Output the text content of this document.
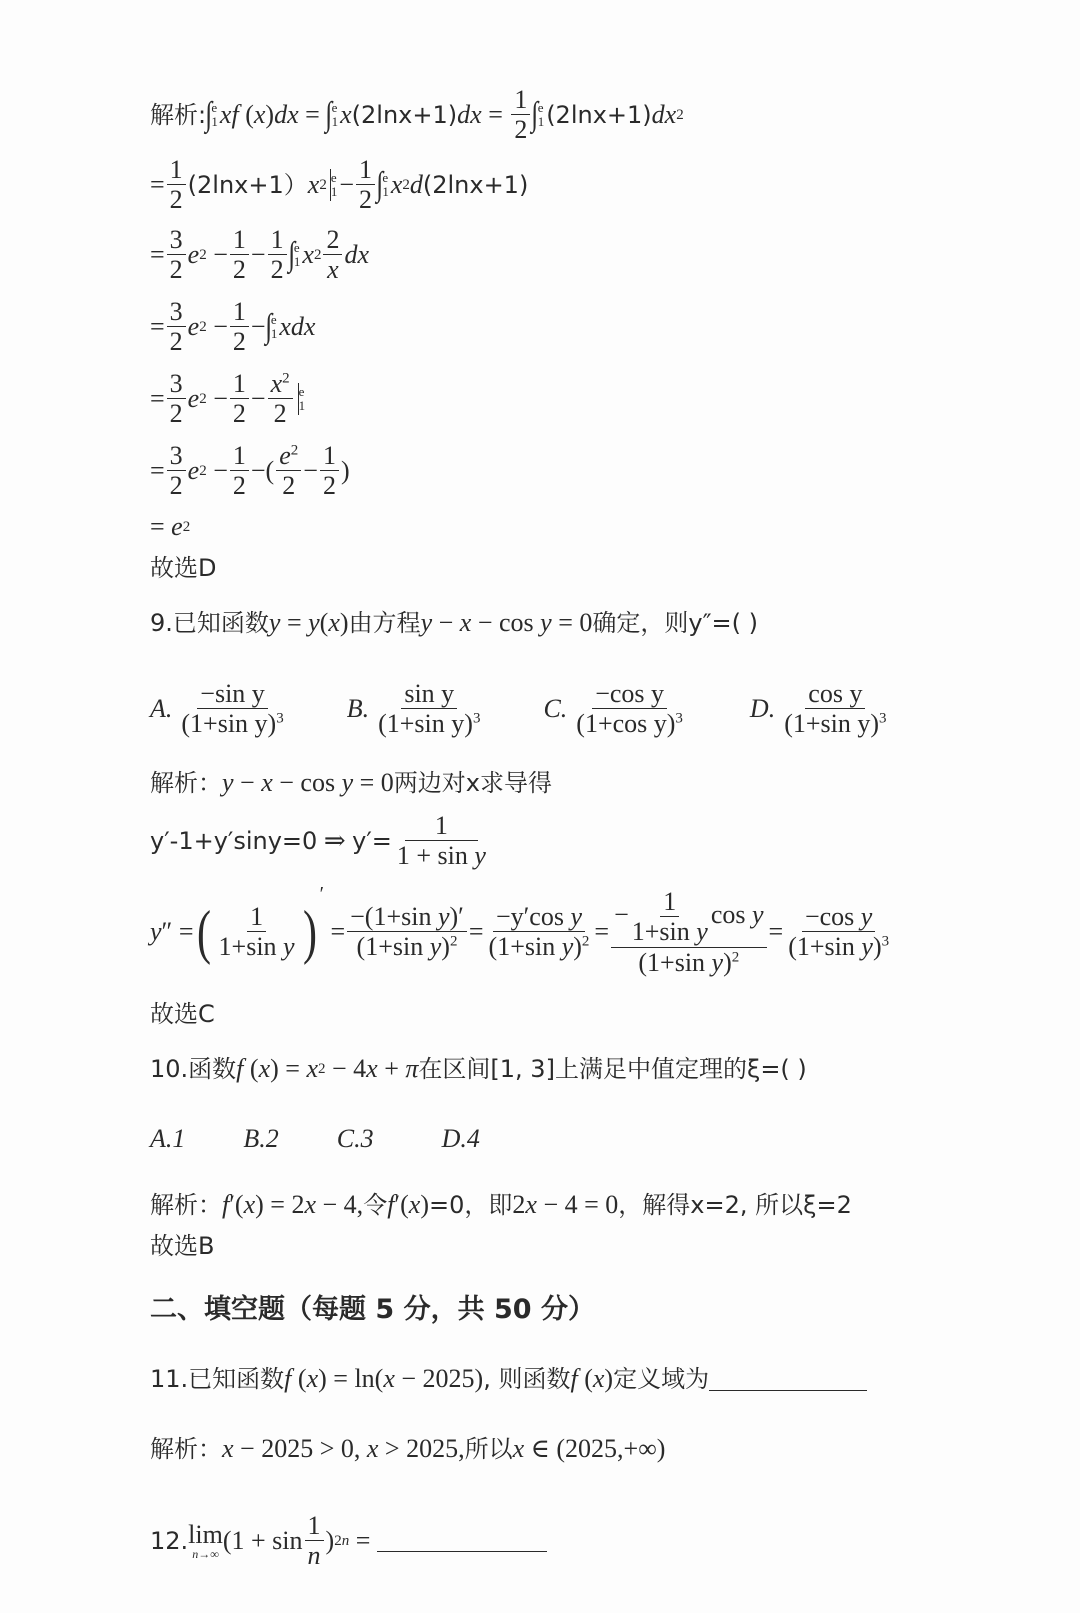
解析: ∫ e
1 xf ( x ) dx = ∫ e
1 x (2lnx+1) dx = $\frac{1}{2}$ ∫ e
1 (2lnx+1) dx 2
= $\frac{1}{2} (2\ln x+1)$ x 2 e
$1 - \frac{1}{2}$ ∫ e
1 x 2 d (2lnx+1)
= $\frac{3}{2}$ e $2 - \frac{1}{2} - \frac{1}{2}$ ∫ e
1 x $2 \frac{2}{x}$ dx
= $\frac{3}{2}$ e $2 - \frac{1}{2}$ − ∫ e
1 xdx
= $\frac{3}{2}$ e $2 - \frac{1}{2} - \frac{x^2}{2}$ e
1
= $\frac{3}{2}$ e $2 - \frac{1}{2}$ −( $\frac{e^2}{2} - \frac{1}{2}$ )
= e 2
故选D
9. 已知函数 y = y ( x ) 由方程 y − x − cos y = 0 确定，则y″=( )
A. $\frac{\text{−sin y}}{(1+\sin y)^3} B$. $\frac{\text{sin y}}{(1+\sin y)^3} C$. $\frac{\text{−cos y}}{(1+\cos y)^3} D$. $\frac{\text{cos y}}{(1+\sin y)^3}$
解析： y − x − cos y = 0 两边对x求导得
y′-1+y′siny=0 ⇒ $y'= \frac{1}{\text{1 + sin y}}$
y ″ = ( $\frac{1}{\text{1+sin y}}$ )
′
= $\frac{\text{−(1+sin y)′}}{(1+\sin y)^2} = \frac{\text{−y′cos y}}{(1+\sin y)^2} = \frac{- \frac{1}{\text{1+sin y}} \cos y}{(1+\sin y)^2} = \frac{\text{−cos y}}{(1+\sin y)^3}$
故选C
10. 函数 f ( x ) = x 2 − 4 x + π 在区间[1, 3]上满足中值定理的ξ=( )
A.1 B.2 C.3	D.4
解析： f ′( x ) = 2 x − 4, 令 f ′( x ) =0，即 2 x − 4 = 0 ，解得x=2, 所以ξ=2
故选B
二、填空题（每题 5 分，共 50 分）
11. 已知函数 f ( x ) = ln( x − 2025) , 则函数 f ( x ) 定义域为
解析： x − 2025 > 0, x > 2025, 所以 x ∈ (2025,+∞)
12. lim
n→∞ ($1 + \sin \frac{1}{n}$ ) 2n =
